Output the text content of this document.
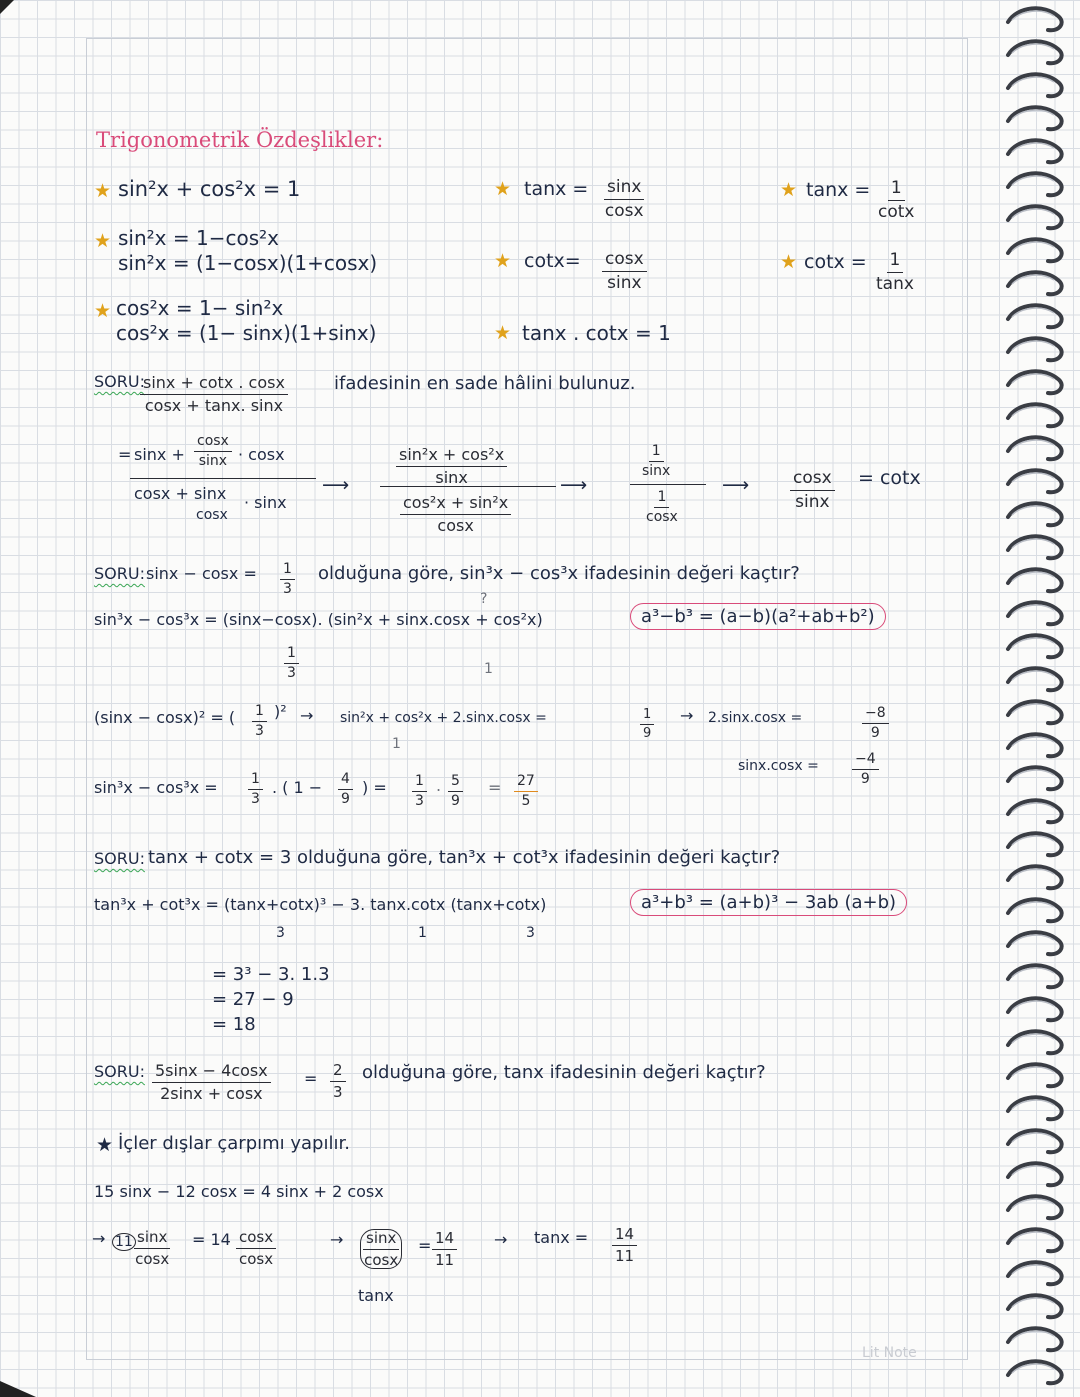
Trigonometrik Özdeşlikler:
★ sin²x + cos²x = 1
★ sin²x = 1−cos²x
sin²x = (1−cosx)(1+cosx)
★ cos²x = 1− sin²x
cos²x = (1− sinx)(1+sinx)
★ $\tan x = \frac{\sin x}{\cos x}$
★ $\cot x= \frac{\cos x}{\sin x}$
★ tanx . cotx = 1
★ $\tan x = \frac{1}{\cot x}$
★ $\cot x = \frac{1}{\tan x}$
SORU:
$\frac{\sin x + \cot x . \cos x}{\cos x + \tan x. \sin x}$	ifadesinin en sade hâlini bulunuz.
= $\sin x + \frac{\cos x}{\sin x} \cdot \cos x$
cosx + sinx · sinx
cosx
⟶	$\frac{\text{sin²x + cos²x}}{\sin x}$
$\frac{\text{cos²x + sin²x}}{\cos x}$
⟶
$\frac{1}{\sin x}$
$\frac{1}{\cos x}$
⟶ $\frac{\cos x}{\sin x} = \cot x$
SORU: $\sin x - \cos x = \frac{1}{3}$ olduğuna göre, sin³x − cos³x ifadesinin değeri kaçtır?
?
sin³x − cos³x = (sinx−cosx). (sin²x + sinx.cosx + cos²x)	a³−b³ = (a−b)(a²+ab+b²)
$\frac{1}{3}$	1
(sinx − cosx)² = ( $\frac{1}{3} )^2 \to \sin^2x + \cos^2x + 2.\sin x.\cos x$ =
1
$\frac{1}{9} \to 2.\sin x.\cos x$ =	$\frac{-8}{9}$
$\sin x.\cos x = \frac{-4}{9}$
$\sin^3x - \cos^3x = \frac{1}{3}$ . ( $1 - \frac{4}{9}$ ) = $\frac{1}{3}$ . $\frac{5}{9} = \frac{27}{5}$
SORU: tanx + cotx = 3 olduğuna göre, tan³x + cot³x ifadesinin değeri kaçtır?
tan³x + cot³x = (tanx+cotx)³ − 3. tanx.cotx (tanx+cotx)	a³+b³ = (a+b)³ − 3ab (a+b)
3	1	3
= 3³ − 3. 1.3
= 27 − 9
= 18
SORU: $\frac{5\sin x - 4\cos x}{2\sin x + \cos x} = \frac{2}{3}$ olduğuna göre, tanx ifadesinin değeri kaçtır?
★ İçler dışlar çarpımı yapılır.
15 sinx − 12 cosx = 4 sinx + 2 cosx
→ $11 \frac{\sin x}{\cos x} = 14 \frac{\cos x}{\cos x}$	→ $\frac{\sin x}{\cos x} = \frac{14}{11}$
tanx
→ $\tan x = \frac{14}{11}$
Lit Note
